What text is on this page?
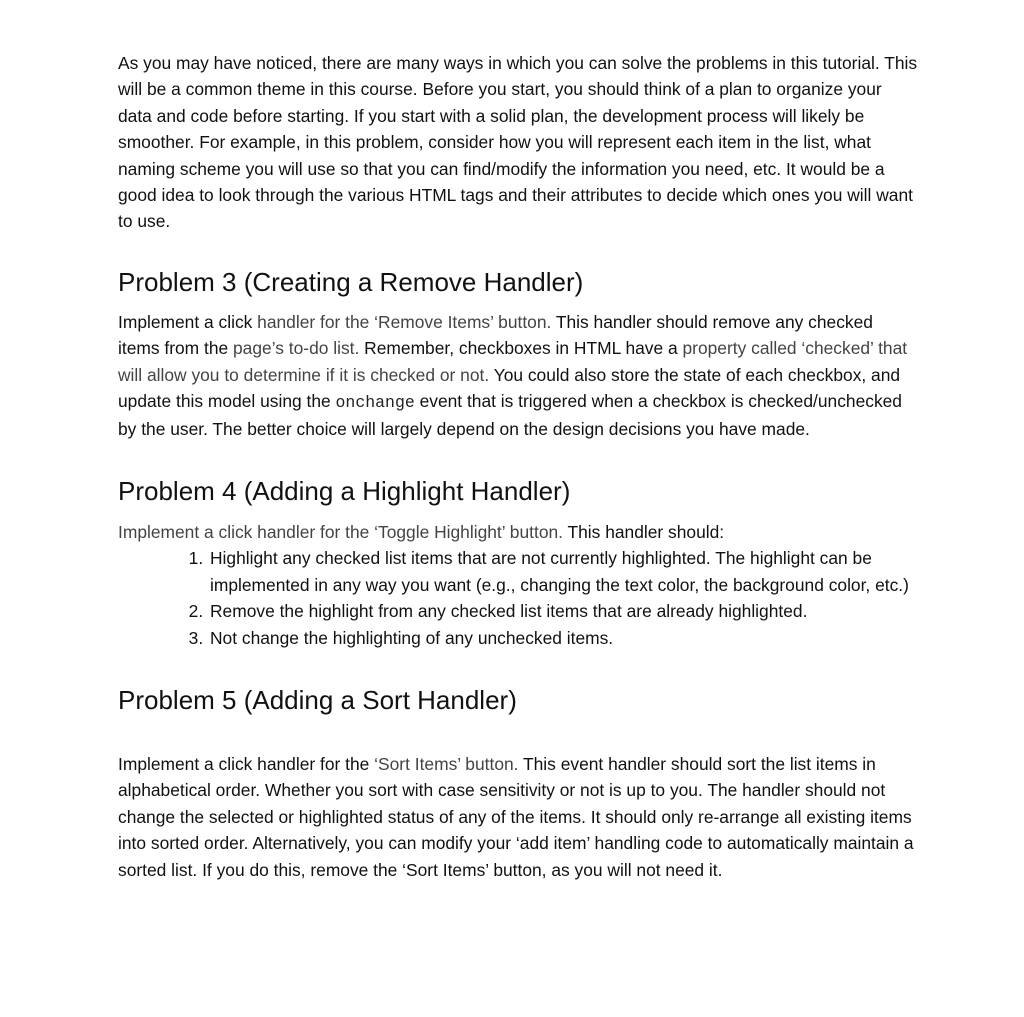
As you may have noticed, there are many ways in which you can solve the problems in this tutorial. This will be a common theme in this course. Before you start, you should think of a plan to organize your data and code before starting. If you start with a solid plan, the development process will likely be smoother. For example, in this problem, consider how you will represent each item in the list, what naming scheme you will use so that you can find/modify the information you need, etc. It would be a good idea to look through the various HTML tags and their attributes to decide which ones you will want to use.

Problem 3 (Creating a Remove Handler)

Implement a click handler for the ‘Remove Items’ button. This handler should remove any checked items from the page’s to-do list. Remember, checkboxes in HTML have a property called ‘checked’ that will allow you to determine if it is checked or not. You could also store the state of each checkbox, and update this model using the onchange event that is triggered when a checkbox is checked/unchecked by the user. The better choice will largely depend on the design decisions you have made.

Problem 4 (Adding a Highlight Handler)

Implement a click handler for the ‘Toggle Highlight’ button. This handler should:

1. Highlight any checked list items that are not currently highlighted. The highlight can be implemented in any way you want (e.g., changing the text color, the background color, etc.)
2. Remove the highlight from any checked list items that are already highlighted.
3. Not change the highlighting of any unchecked items.
Problem 5 (Adding a Sort Handler)

Implement a click handler for the ‘Sort Items’ button. This event handler should sort the list items in alphabetical order. Whether you sort with case sensitivity or not is up to you. The handler should not change the selected or highlighted status of any of the items. It should only re-arrange all existing items into sorted order. Alternatively, you can modify your ‘add item’ handling code to automatically maintain a sorted list. If you do this, remove the ‘Sort Items’ button, as you will not need it.
